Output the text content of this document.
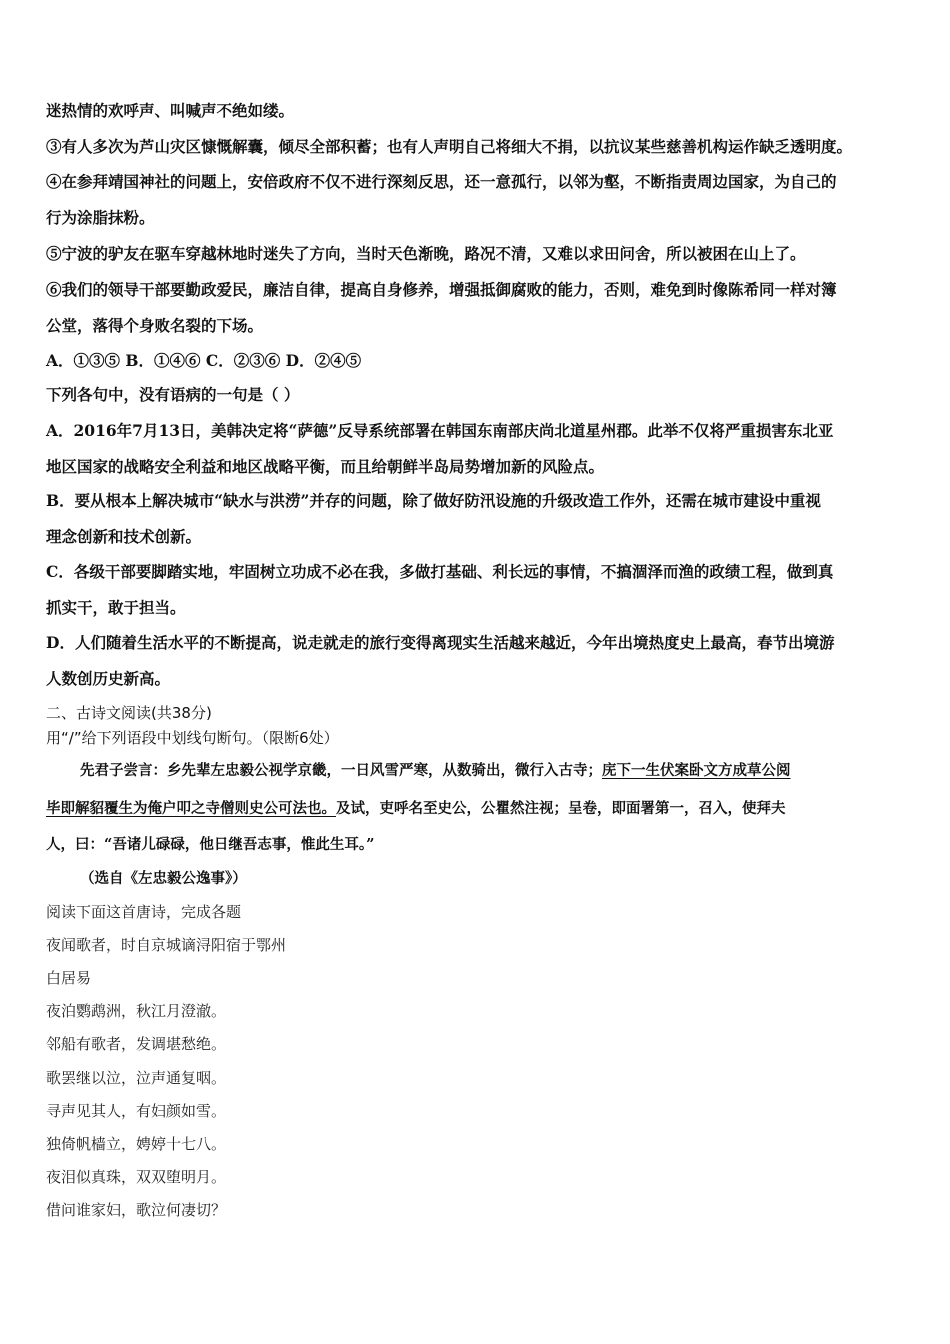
迷热情的欢呼声、叫喊声不绝如缕。
③有人多次为芦山灾区慷慨解囊，倾尽全部积蓄；也有人声明自己将细大不捐，以抗议某些慈善机构运作缺乏透明度。
④在参拜靖国神社的问题上，安倍政府不仅不进行深刻反思，还一意孤行，以邻为壑，不断指责周边国家，为自己的
行为涂脂抹粉。
⑤宁波的驴友在驱车穿越林地时迷失了方向，当时天色渐晚，路况不清，又难以求田问舍，所以被困在山上了。
⑥我们的领导干部要勤政爱民，廉洁自律，提高自身修养，增强抵御腐败的能力，否则，难免到时像陈希同一样对簿
公堂，落得个身败名裂的下场。
A．①③⑤ B．①④⑥ C．②③⑥ D．②④⑤
下列各句中，没有语病的一句是（ ）
A．2016年7月13日，美韩决定将“萨德”反导系统部署在韩国东南部庆尚北道星州郡。此举不仅将严重损害东北亚
地区国家的战略安全利益和地区战略平衡，而且给朝鲜半岛局势增加新的风险点。
B．要从根本上解决城市“缺水与洪涝”并存的问题，除了做好防汛设施的升级改造工作外，还需在城市建设中重视
理念创新和技术创新。
C．各级干部要脚踏实地，牢固树立功成不必在我，多做打基础、利长远的事情，不搞涸泽而渔的政绩工程，做到真
抓实干，敢于担当。
D．人们随着生活水平的不断提高，说走就走的旅行变得离现实生活越来越近，今年出境热度史上最高，春节出境游
人数创历史新高。
二、古诗文阅读(共38分)
用“/”给下列语段中划线句断句。（限断6处）
先君子尝言：乡先辈左忠毅公视学京畿，一日风雪严寒，从数骑出，微行入古寺；庑下一生伏案卧文方成草公阅
毕即解貂覆生为俺户叩之寺僧则史公可法也。及试，吏呼名至史公，公瞿然注视；呈卷，即面署第一，召入，使拜夫
人，曰：“吾诸儿碌碌，他日继吾志事，惟此生耳。”
（选自《左忠毅公逸事》）
阅读下面这首唐诗，完成各题
夜闻歌者，时自京城谪浔阳宿于鄂州
白居易
夜泊鹦鹉洲，秋江月澄澈。
邻船有歌者，发调堪愁绝。
歌罢继以泣，泣声通复咽。
寻声见其人，有妇颜如雪。
独倚帆樯立，娉婷十七八。
夜泪似真珠，双双堕明月。
借问谁家妇，歌泣何凄切？
